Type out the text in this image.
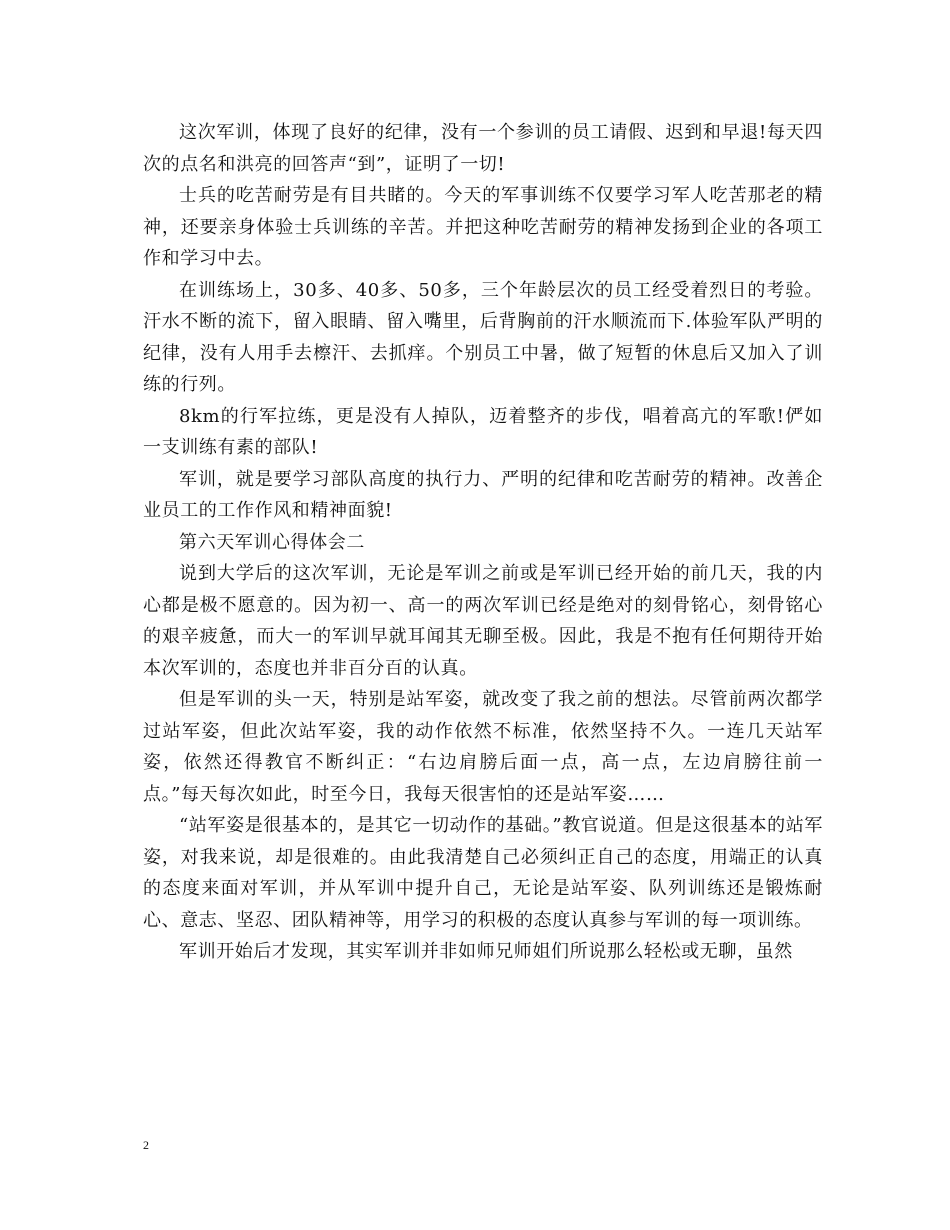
这次军训，体现了良好的纪律，没有一个参训的员工请假、迟到和早退!每天四次的点名和洪亮的回答声“到”，证明了一切!

士兵的吃苦耐劳是有目共睹的。今天的军事训练不仅要学习军人吃苦那老的精神，还要亲身体验士兵训练的辛苦。并把这种吃苦耐劳的精神发扬到企业的各项工作和学习中去。

在训练场上，30多、40多、50多，三个年龄层次的员工经受着烈日的考验。汗水不断的流下，留入眼睛、留入嘴里，后背胸前的汗水顺流而下.体验军队严明的纪律，没有人用手去檫汗、去抓痒。个别员工中暑，做了短暂的休息后又加入了训练的行列。

8km的行军拉练，更是没有人掉队，迈着整齐的步伐，唱着高亢的军歌!俨如一支训练有素的部队!

军训，就是要学习部队高度的执行力、严明的纪律和吃苦耐劳的精神。改善企业员工的工作作风和精神面貌!

第六天军训心得体会二

说到大学后的这次军训，无论是军训之前或是军训已经开始的前几天，我的内心都是极不愿意的。因为初一、高一的两次军训已经是绝对的刻骨铭心，刻骨铭心的艰辛疲惫，而大一的军训早就耳闻其无聊至极。因此，我是不抱有任何期待开始本次军训的，态度也并非百分百的认真。

但是军训的头一天，特别是站军姿，就改变了我之前的想法。尽管前两次都学过站军姿，但此次站军姿，我的动作依然不标准，依然坚持不久。一连几天站军姿，依然还得教官不断纠正：“右边肩膀后面一点，高一点，左边肩膀往前一点。”每天每次如此，时至今日，我每天很害怕的还是站军姿……

“站军姿是很基本的，是其它一切动作的基础。”教官说道。但是这很基本的站军姿，对我来说，却是很难的。由此我清楚自己必须纠正自己的态度，用端正的认真的态度来面对军训，并从军训中提升自己，无论是站军姿、队列训练还是锻炼耐心、意志、坚忍、团队精神等，用学习的积极的态度认真参与军训的每一项训练。

军训开始后才发现，其实军训并非如师兄师姐们所说那么轻松或无聊，虽然

2
